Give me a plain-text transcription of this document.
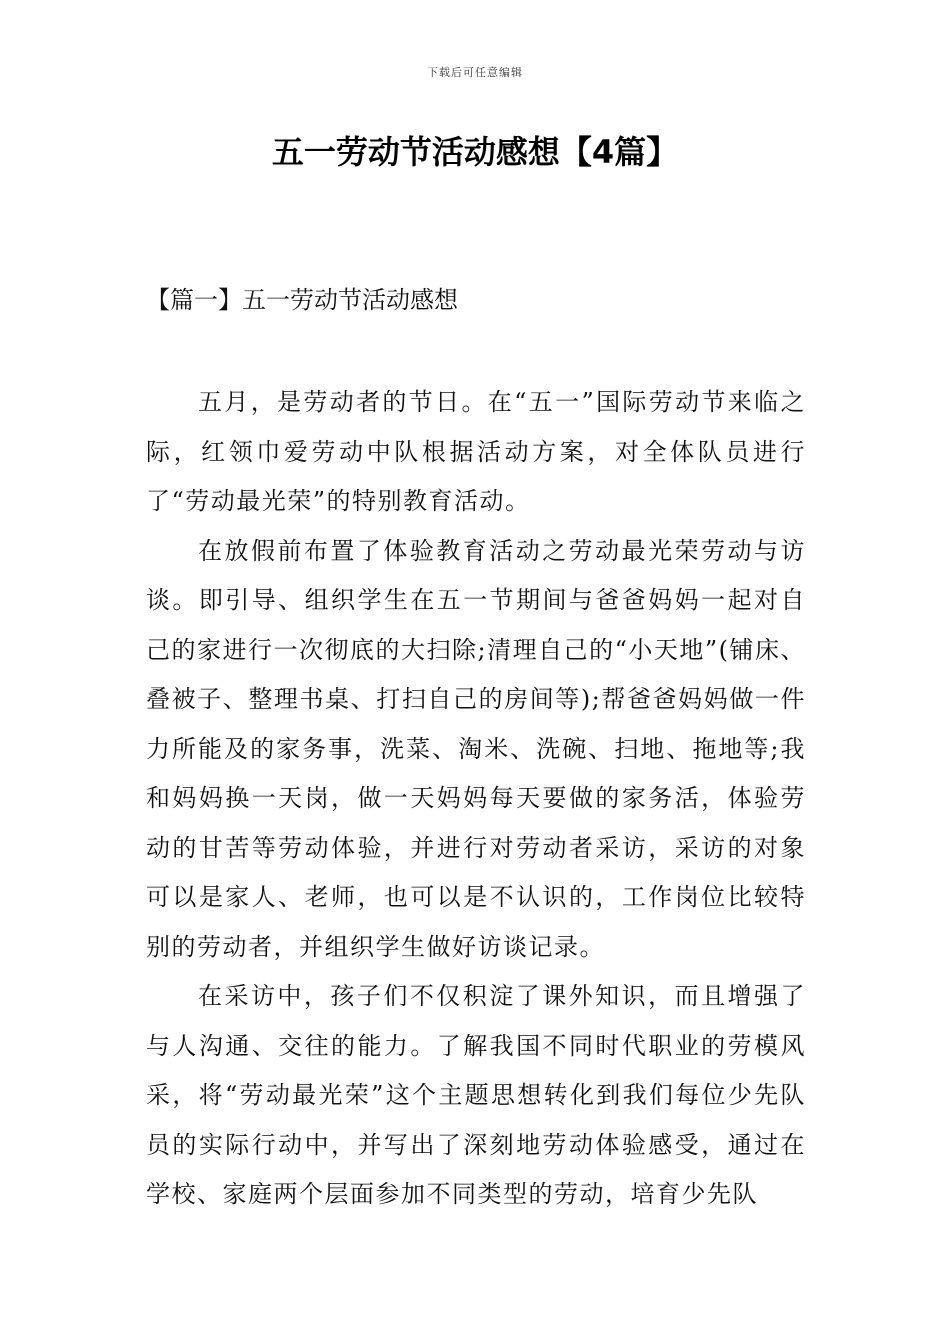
下载后可任意编辑
五一劳动节活动感想【4篇】
【篇一】五一劳动节活动感想

五月，是劳动者的节日。在“五一”国际劳动节来临之际，红领巾爱劳动中队根据活动方案，对全体队员进行了“劳动最光荣”的特别教育活动。

在放假前布置了体验教育活动之劳动最光荣劳动与访谈。即引导、组织学生在五一节期间与爸爸妈妈一起对自己的家进行一次彻底的大扫除;清理自己的“小天地”(铺床、叠被子、整理书桌、打扫自己的房间等);帮爸爸妈妈做一件力所能及的家务事，洗菜、淘米、洗碗、扫地、拖地等;我和妈妈换一天岗，做一天妈妈每天要做的家务活，体验劳动的甘苦等劳动体验，并进行对劳动者采访，采访的对象可以是家人、老师，也可以是不认识的，工作岗位比较特别的劳动者，并组织学生做好访谈记录。

在采访中，孩子们不仅积淀了课外知识，而且增强了与人沟通、交往的能力。了解我国不同时代职业的劳模风采，将“劳动最光荣”这个主题思想转化到我们每位少先队员的实际行动中，并写出了深刻地劳动体验感受，通过在学校、家庭两个层面参加不同类型的劳动，培育少先队
